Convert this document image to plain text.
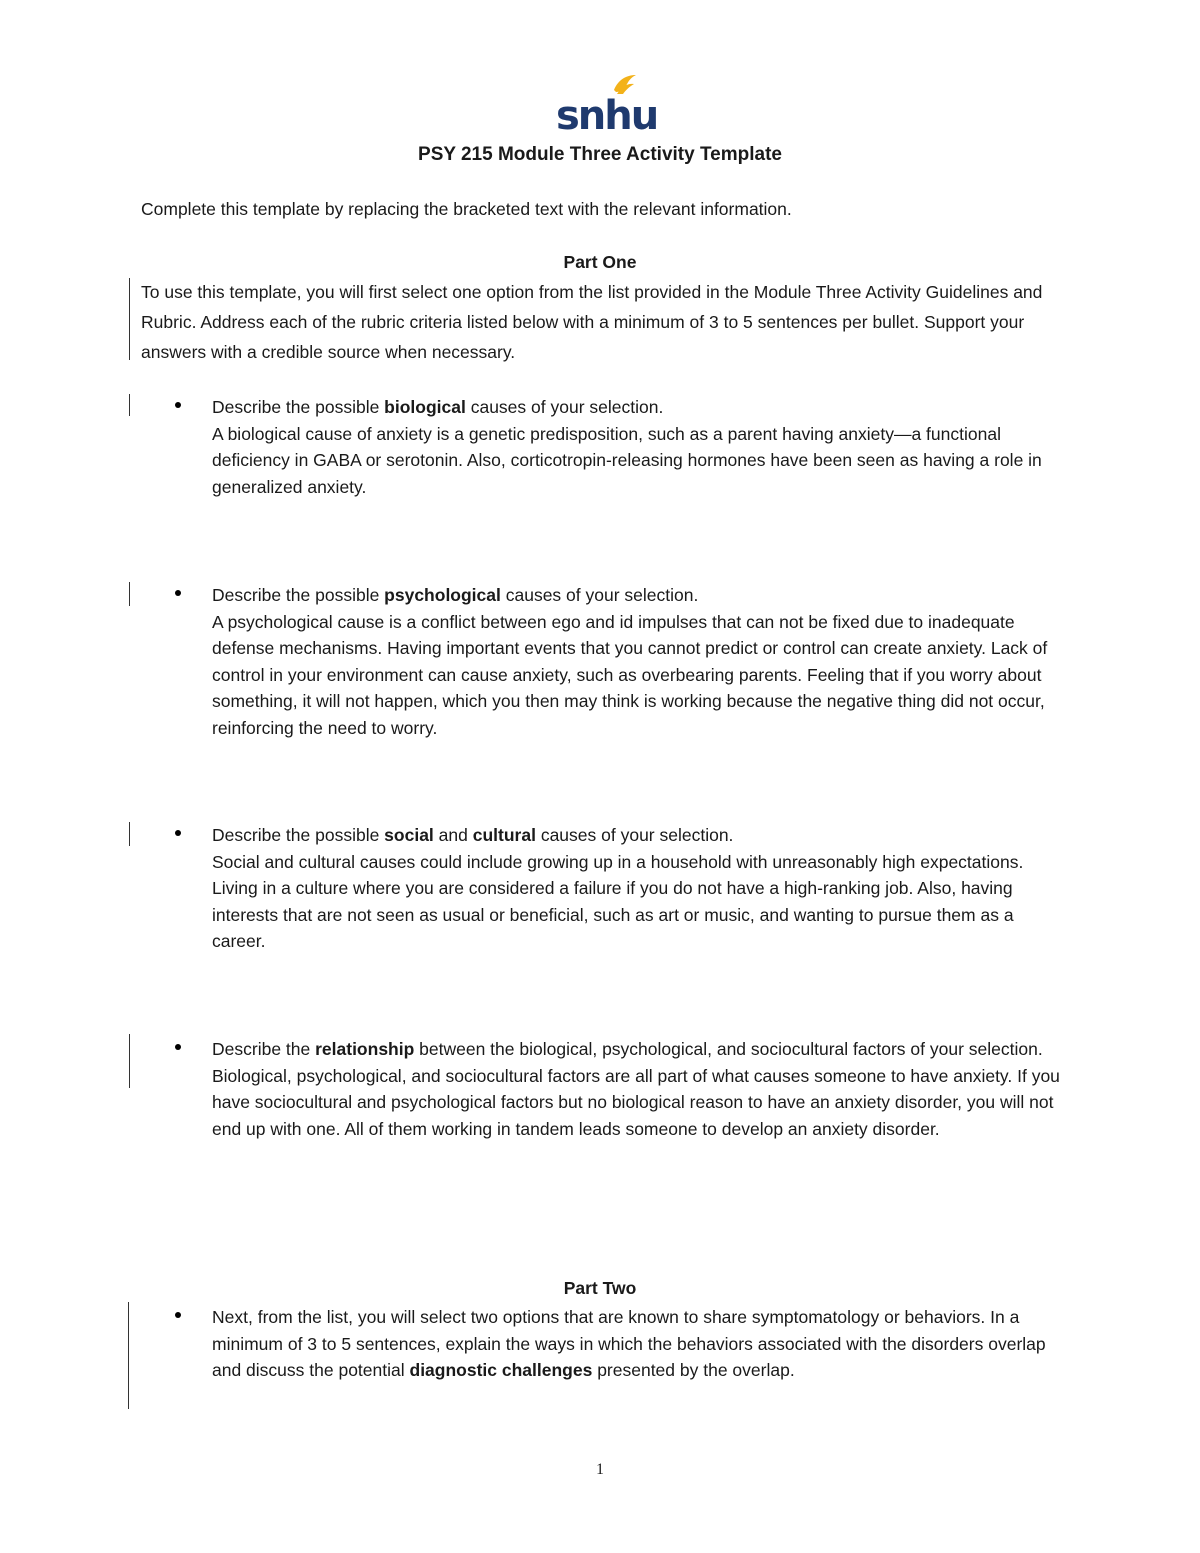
snhu
PSY 215 Module Three Activity Template
Complete this template by replacing the bracketed text with the relevant information.
Part One
To use this template, you will first select one option from the list provided in the Module Three Activity Guidelines and Rubric. Address each of the rubric criteria listed below with a minimum of 3 to 5 sentences per bullet. Support your answers with a credible source when necessary.
Describe the possible biological causes of your selection.
A biological cause of anxiety is a genetic predisposition, such as a parent having anxiety—a functional deficiency in GABA or serotonin. Also, corticotropin-releasing hormones have been seen as having a role in generalized anxiety.
Describe the possible psychological causes of your selection.
A psychological cause is a conflict between ego and id impulses that can not be fixed due to inadequate defense mechanisms. Having important events that you cannot predict or control can create anxiety. Lack of control in your environment can cause anxiety, such as overbearing parents. Feeling that if you worry about something, it will not happen, which you then may think is working because the negative thing did not occur, reinforcing the need to worry.
Describe the possible social and cultural causes of your selection.
Social and cultural causes could include growing up in a household with unreasonably high expectations. Living in a culture where you are considered a failure if you do not have a high-ranking job. Also, having interests that are not seen as usual or beneficial, such as art or music, and wanting to pursue them as a career.
Describe the relationship between the biological, psychological, and sociocultural factors of your selection.
Biological, psychological, and sociocultural factors are all part of what causes someone to have anxiety. If you have sociocultural and psychological factors but no biological reason to have an anxiety disorder, you will not end up with one. All of them working in tandem leads someone to develop an anxiety disorder.
Part Two
Next, from the list, you will select two options that are known to share symptomatology or behaviors. In a minimum of 3 to 5 sentences, explain the ways in which the behaviors associated with the disorders overlap and discuss the potential diagnostic challenges presented by the overlap.
1
